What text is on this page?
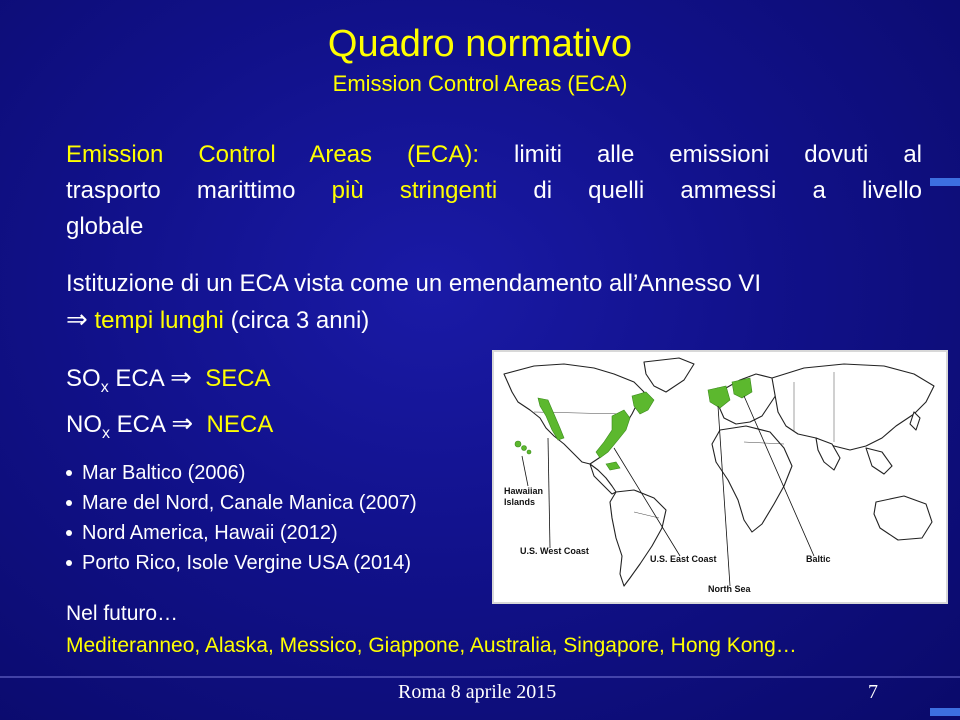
Quadro normativo
Emission Control Areas (ECA)
Emission Control Areas (ECA): limiti alle emissioni dovuti al
trasporto marittimo più stringenti di quelli ammessi a livello
globale
Istituzione di un ECA vista come un emendamento all’Annesso VI
⇒ tempi lunghi (circa 3 anni)
$SO_x$ ECA ⇒ SECA
$NO_x$ ECA ⇒ NECA
Mar Baltico (2006)
Mare del Nord, Canale Manica (2007)
Nord America, Hawaii (2012)
Porto Rico, Isole Vergine USA (2014)
Hawaiian Islands
U.S. West Coast
U.S. East Coast	Baltic
North Sea
Nel futuro…
Mediteranneo, Alaska, Messico, Giappone, Australia, Singapore, Hong Kong…
Roma 8 aprile 2015	7
